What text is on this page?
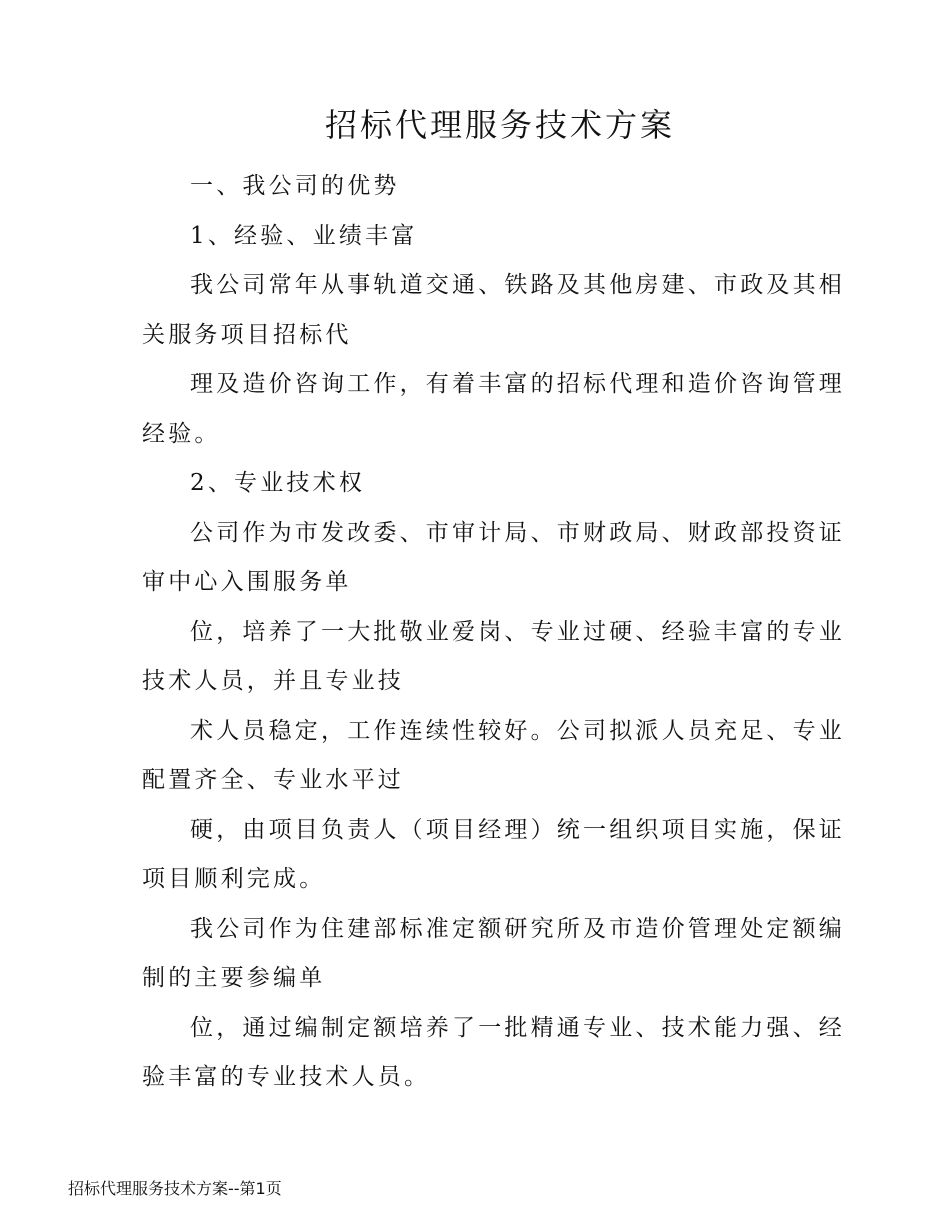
招标代理服务技术方案

一、我公司的优势

1、经验、业绩丰富

我公司常年从事轨道交通、铁路及其他房建、市政及其相

关服务项目招标代

理及造价咨询工作，有着丰富的招标代理和造价咨询管理

经验。

2、专业技术权

公司作为市发改委、市审计局、市财政局、财政部投资证

审中心入围服务单

位，培养了一大批敬业爱岗、专业过硬、经验丰富的专业

技术人员，并且专业技

术人员稳定，工作连续性较好。公司拟派人员充足、专业

配置齐全、专业水平过

硬，由项目负责人（项目经理）统一组织项目实施，保证

项目顺利完成。

我公司作为住建部标准定额研究所及市造价管理处定额编

制的主要参编单

位，通过编制定额培养了一批精通专业、技术能力强、经

验丰富的专业技术人员。

招标代理服务技术方案--第1页
